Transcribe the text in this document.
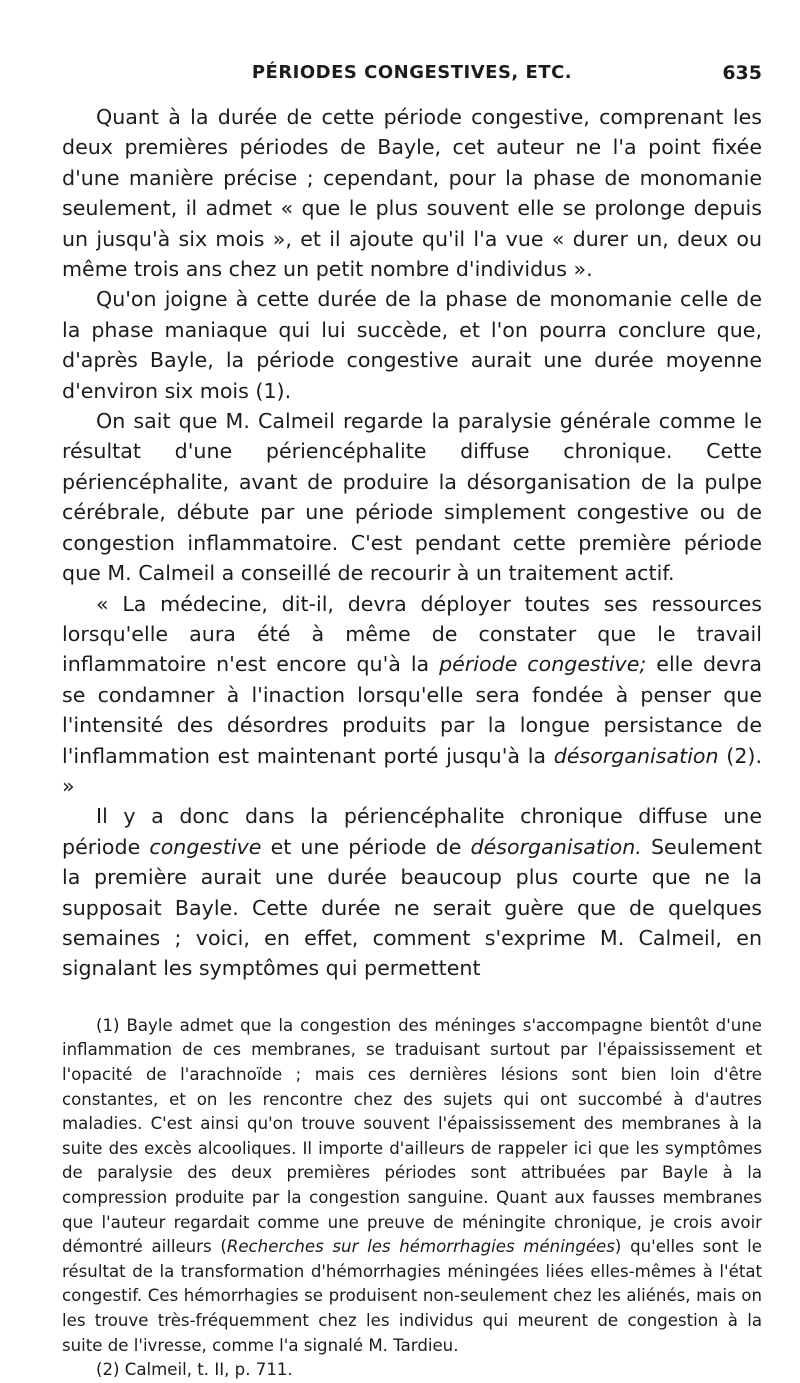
PÉRIODES CONGESTIVES, ETC.	635

Quant à la durée de cette période congestive, comprenant les deux premières périodes de Bayle, cet auteur ne l'a point fixée d'une manière précise ; cependant, pour la phase de monomanie seulement, il admet « que le plus souvent elle se prolonge depuis un jusqu'à six mois », et il ajoute qu'il l'a vue « durer un, deux ou même trois ans chez un petit nombre d'individus ».

Qu'on joigne à cette durée de la phase de monomanie celle de la phase maniaque qui lui succède, et l'on pourra conclure que, d'après Bayle, la période congestive aurait une durée moyenne d'environ six mois (1).

On sait que M. Calmeil regarde la paralysie générale comme le résultat d'une périencéphalite diffuse chronique. Cette périencéphalite, avant de produire la désorganisation de la pulpe cérébrale, débute par une période simplement congestive ou de congestion inflammatoire. C'est pendant cette première période que M. Calmeil a conseillé de recourir à un traitement actif.

« La médecine, dit-il, devra déployer toutes ses ressources lorsqu'elle aura été à même de constater que le travail inflammatoire n'est encore qu'à la période congestive; elle devra se condamner à l'inaction lorsqu'elle sera fondée à penser que l'intensité des désordres produits par la longue persistance de l'inflammation est maintenant porté jusqu'à la désorganisation (2). »

Il y a donc dans la périencéphalite chronique diffuse une période congestive et une période de désorganisation. Seulement la première aurait une durée beaucoup plus courte que ne la supposait Bayle. Cette durée ne serait guère que de quelques semaines ; voici, en effet, comment s'exprime M. Calmeil, en signalant les symptômes qui permettent

(1) Bayle admet que la congestion des méninges s'accompagne bientôt d'une inflammation de ces membranes, se traduisant surtout par l'épaississement et l'opacité de l'arachnoïde ; mais ces dernières lésions sont bien loin d'être constantes, et on les rencontre chez des sujets qui ont succombé à d'autres maladies. C'est ainsi qu'on trouve souvent l'épaississement des membranes à la suite des excès alcooliques. Il importe d'ailleurs de rappeler ici que les symptômes de paralysie des deux premières périodes sont attribuées par Bayle à la compression produite par la congestion sanguine. Quant aux fausses membranes que l'auteur regardait comme une preuve de méningite chronique, je crois avoir démontré ailleurs (Recherches sur les hémorrhagies méningées) qu'elles sont le résultat de la transformation d'hémorrhagies méningées liées elles-mêmes à l'état congestif. Ces hémorrhagies se produisent non-seulement chez les aliénés, mais on les trouve très-fréquemment chez les individus qui meurent de congestion à la suite de l'ivresse, comme l'a signalé M. Tardieu.

(2) Calmeil, t. II, p. 711.
